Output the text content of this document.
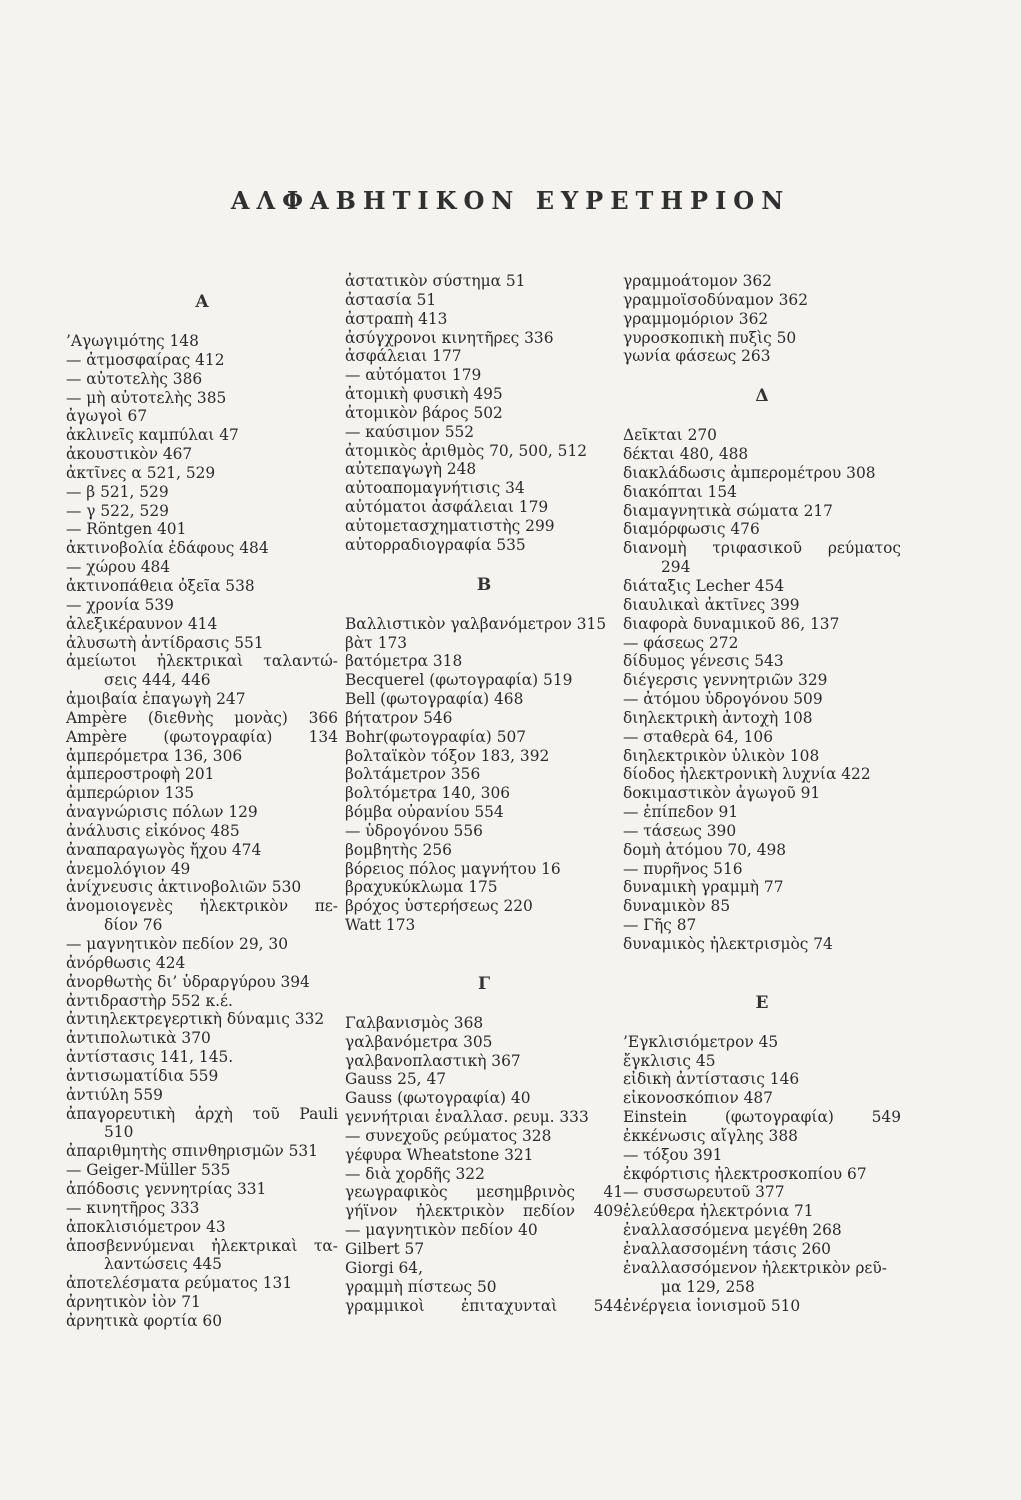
ΑΛΦΑΒΗΤΙΚΟΝ ΕΥΡΕΤΗΡΙΟΝ
Α
’Αγωγιμότης 148
— ἀτμοσφαίρας 412
— αὐτοτελὴς 386
— μὴ αὐτοτελὴς 385
ἀγωγοὶ 67
ἀκλινεῖς καμπύλαι 47
ἀκουστικὸν 467
ἀκτῖνες α 521, 529
— β 521, 529
— γ 522, 529
— Röntgen 401
ἀκτινοβολία ἐδάφους 484
— χώρου 484
ἀκτινοπάθεια ὀξεῖα 538
— χρονία 539
ἀλεξικέραυνον 414
ἀλυσωτὴ ἀντίδρασις 551
ἀμείωτοι ἠλεκτρικαὶ ταλαντώ-
σεις 444, 446
ἀμοιβαία ἐπαγωγὴ 247
Ampère (διεθνὴς μονὰς) 366
Ampère (φωτογραφία) 134
ἀμπερόμετρα 136, 306
ἀμπεροστροφὴ 201
ἀμπερώριον 135
ἀναγνώρισις πόλων 129
ἀνάλυσις εἰκόνος 485
ἀναπαραγωγὸς ἤχου 474
ἀνεμολόγιον 49
ἀνίχνευσις ἀκτινοβολιῶν 530
ἀνομοιογενὲς ἠλεκτρικὸν πε-
δίον 76
— μαγνητικὸν πεδίον 29, 30
ἀνόρθωσις 424
ἀνορθωτὴς δι’ ὑδραργύρου 394
ἀντιδραστὴρ 552 κ.έ.
ἀντιηλεκτρεγερτικὴ δύναμις 332
ἀντιπολωτικὰ 370
ἀντίστασις 141, 145.
ἀντισωματίδια 559
ἀντιύλη 559
ἀπαγορευτικὴ ἀρχὴ τοῦ Pauli
510
ἀπαριθμητὴς σπινθηρισμῶν 531
— Geiger-Müller 535
ἀπόδοσις γεννητρίας 331
— κινητῆρος 333
ἀποκλισιόμετρον 43
ἀποσβεννύμεναι ἠλεκτρικαὶ τα-
λαντώσεις 445
ἀποτελέσματα ρεύματος 131
ἀρνητικὸν ἰὸν 71
ἀρνητικὰ φορτία 60
ἀστατικὸν σύστημα 51
ἀστασία 51
ἀστραπὴ 413
ἀσύγχρονοι κινητῆρες 336
ἀσφάλειαι 177
— αὐτόματοι 179
ἀτομικὴ φυσικὴ 495
ἀτομικὸν βάρος 502
— καύσιμον 552
ἀτομικὸς ἀριθμὸς 70, 500, 512
αὐτεπαγωγὴ 248
αὐτοαπομαγνήτισις 34
αὐτόματοι ἀσφάλειαι 179
αὐτομετασχηματιστὴς 299
αὐτορραδιογραφία 535
Β
Βαλλιστικὸν γαλβανόμετρον 315
βὰτ 173
βατόμετρα 318
Becquerel (φωτογραφία) 519
Bell (φωτογραφία) 468
βήτατρον 546
Bohr(φωτογραφία) 507
βολταϊκὸν τόξον 183, 392
βολτάμετρον 356
βολτόμετρα 140, 306
βόμβα οὐρανίου 554
— ὑδρογόνου 556
βομβητὴς 256
βόρειος πόλος μαγνήτου 16
βραχυκύκλωμα 175
βρόχος ὑστερήσεως 220
Watt 173
Γ
Γαλβανισμὸς 368
γαλβανόμετρα 305
γαλβανοπλαστικὴ 367
Gauss 25, 47
Gauss (φωτογραφία) 40
γεννήτριαι ἐναλλασ. ρευμ. 333
— συνεχοῦς ρεύματος 328
γέφυρα Wheatstone 321
— διὰ χορδῆς 322
γεωγραφικὸς μεσημβρινὸς 41
γήϊνον ἠλεκτρικὸν πεδίον 409
— μαγνητικὸν πεδίον 40
Gilbert 57
Giorgi 64,
γραμμὴ πίστεως 50
γραμμικοὶ ἐπιταχυνταὶ 544
γραμμοάτομον 362
γραμμοϊσοδύναμον 362
γραμμομόριον 362
γυροσκοπικὴ πυξὶς 50
γωνία φάσεως 263
Δ
Δεῖκται 270
δέκται 480, 488
διακλάδωσις ἀμπερομέτρου 308
διακόπται 154
διαμαγνητικὰ σώματα 217
διαμόρφωσις 476
διανομὴ τριφασικοῦ ρεύματος
294
διάταξις Lecher 454
διαυλικαὶ ἀκτῖνες 399
διαφορὰ δυναμικοῦ 86, 137
— φάσεως 272
δίδυμος γένεσις 543
διέγερσις γεννητριῶν 329
— ἀτόμου ὑδρογόνου 509
διηλεκτρικὴ ἀντοχὴ 108
— σταθερὰ 64, 106
διηλεκτρικὸν ὑλικὸν 108
δίοδος ἠλεκτρονικὴ λυχνία 422
δοκιμαστικὸν ἀγωγοῦ 91
— ἐπίπεδον 91
— τάσεως 390
δομὴ ἀτόμου 70, 498
— πυρῆνος 516
δυναμικὴ γραμμὴ 77
δυναμικὸν 85
— Γῆς 87
δυναμικὸς ἠλεκτρισμὸς 74
Ε
’Εγκλισιόμετρον 45
ἔγκλισις 45
εἰδικὴ ἀντίστασις 146
εἰκονοσκόπιον 487
Einstein (φωτογραφία) 549
ἐκκένωσις αἴγλης 388
— τόξου 391
ἐκφόρτισις ἠλεκτροσκοπίου 67
— συσσωρευτοῦ 377
ἐλεύθερα ἠλεκτρόνια 71
ἐναλλασσόμενα μεγέθη 268
ἐναλλασσομένη τάσις 260
ἐναλλασσόμενον ἠλεκτρικὸν ρεῦ-
μα 129, 258
ἐνέργεια ἰονισμοῦ 510
